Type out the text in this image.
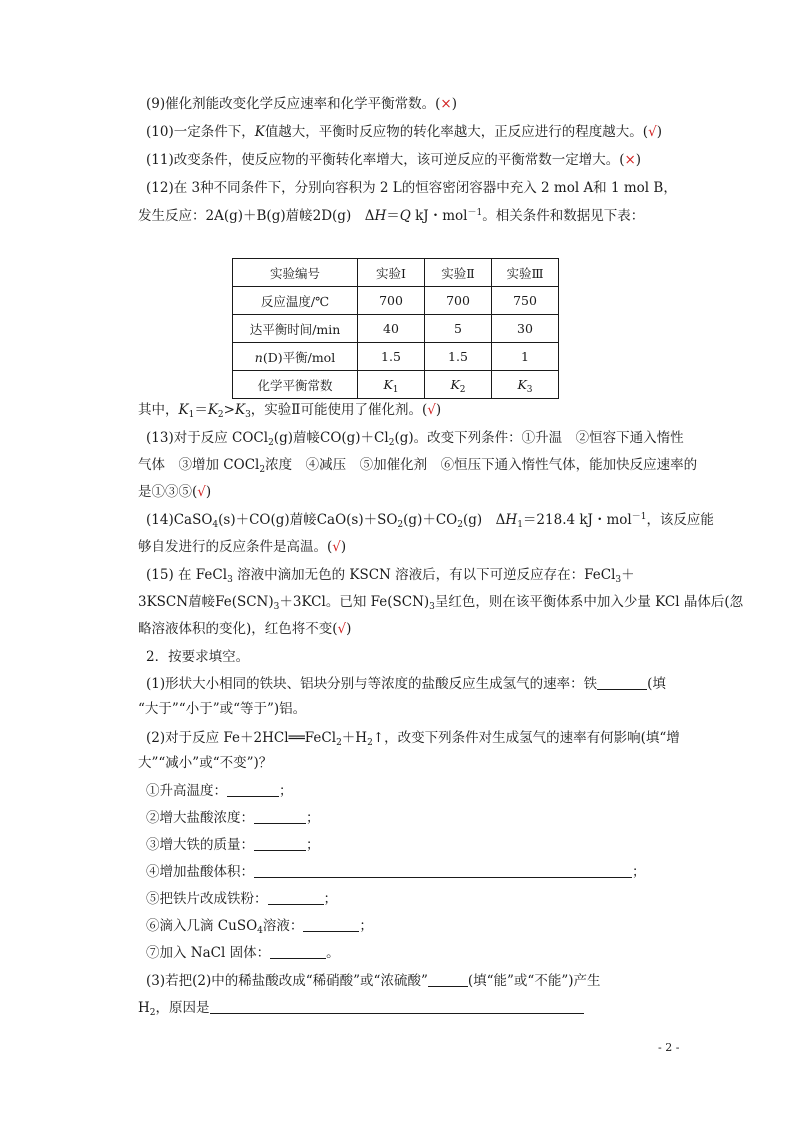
(9)催化剂能改变化学反应速率和化学平衡常数。(×)
(10)一定条件下，K值越大，平衡时反应物的转化率越大，正反应进行的程度越大。(√)
(11)改变条件，使反应物的平衡转化率增大，该可逆反应的平衡常数一定增大。(×)
(12)在 3种不同条件下，分别向容积为 2 L的恒容密闭容器中充入 2 mol A和 1 mol B，
发生反应：2A(g)＋B(g)葿帹2D(g)　ΔH＝Q kJ・mol$^{-1}$。相关条件和数据见下表：
实验编号	实验Ⅰ	实验Ⅱ	实验Ⅲ
反应温度/℃	700	700	750
达平衡时间/min	40	5	30
n(D)平衡/mol	1.5	1.5	1
化学平衡常数	$K_1$	$K_2$	$K_3$
其中，$K_1=K_2>K_3$，实验Ⅱ可能使用了催化剂。(√)
(13)对于反应 COCl$_2$(g)葿帹$CO(g)+Cl_2(g)$。改变下列条件：①升温　②恒容下通入惰性
气体　③增加 COCl$_2$浓度　④减压　⑤加催化剂　⑥恒压下通入惰性气体，能加快反应速率的
是①③⑤(√)
(14)CaSO$_4$(s)＋CO(g)葿帹$CaO(s)+SO_2(g)+CO_2(g)$　$\Delta H_1=218.4$ kJ・mol$^{-1}$，该反应能
够自发进行的反应条件是高温。(√)
(15) 在 FeCl$_3$ 溶液中滴加无色的 KSCN 溶液后，有以下可逆反应存在：FeCl$_3$＋
3KSCN葿帹$Fe(SCN)_3+3KCl$。已知 $Fe(SCN)_3$呈红色，则在该平衡体系中加入少量 KCl 晶体后(忽
略溶液体积的变化)，红色将不变(√)
2．按要求填空。
(1)形状大小相同的铁块、铝块分别与等浓度的盐酸反应生成氢气的速率：铁	(填
“大于”“小于”或“等于”)铝。
(2)对于反应 $Fe+2HCl══FeCl_2+H_2↑$，改变下列条件对生成氢气的速率有何影响(填“增
大”“减小”或“不变”)？
①升高温度：	；
②增大盐酸浓度：	；
③增大铁的质量：	；
④增加盐酸体积：	；
⑤把铁片改成铁粉：	；
⑥滴入几滴 CuSO$_4$溶液：	；
⑦加入 NaCl 固体：	。
(3)若把(2)中的稀盐酸改成“稀硝酸”或“浓硫酸”	(填“能”或“不能”)产生
$H_2$，原因是
- 2 -
